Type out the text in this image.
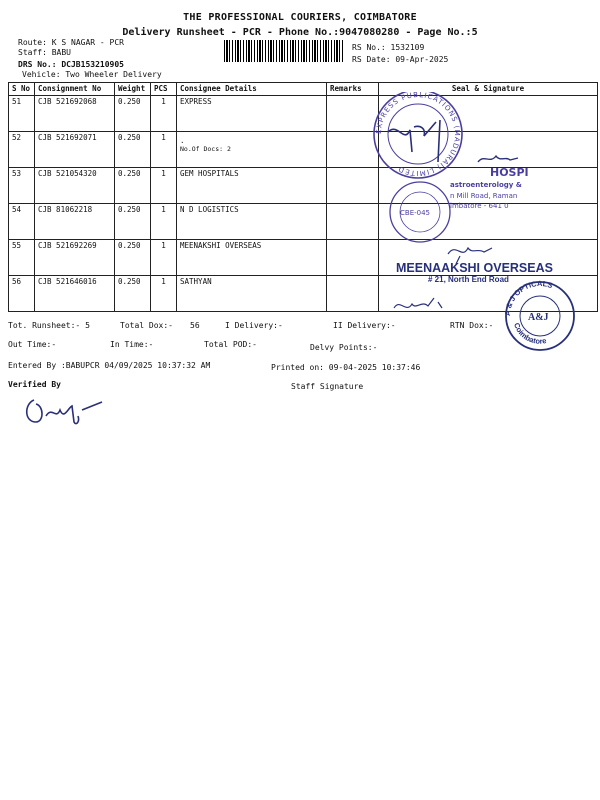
THE PROFESSIONAL COURIERS, COIMBATORE
Delivery Runsheet - PCR - Phone No.:9047080280 - Page No.:5
Route: K S NAGAR - PCR
Staff: BABU
DRS No.: DCJB153210905
Vehicle: Two Wheeler Delivery
RS No.: 1532109
RS Date: 09-Apr-2025
S No	Consignment No	Weight	PCS	Consignee Details	Remarks	Seal & Signature
51	CJB 521692068	0.250	1	EXPRESS		
52	CJB 521692071	0.250	1	.
No.Of Docs: 2		

53	CJB 521054320	0.250	1	GEM HOSPITALS		
54	CJB 81062218	0.250	1	N D LOGISTICS		
55	CJB 521692269	0.250	1	MEENAKSHI OVERSEAS		
56	CJB 521646016	0.250	1	SATHYAN		
EXPRESS PUBLICATIONS (MADURAI) LIMITED	HOSPI
astroenterology &
n Mill Road, Raman
imbatore - 641 0
CBE-045
MEENAAKSHI OVERSEAS
# 21, North End Road
A & J OPTICALS
Coimbatore
A&J
Tot. Runsheet:- 5	Total Dox:- 56	I Delivery:-	II Delivery:-	RTN Dox:-
Out Time:-	In Time:-	Total POD:-	Delvy Points:-
Entered By :BABUPCR 04/09/2025 10:37:32 AM	Printed on: 09-04-2025 10:37:46
Verified By	Staff Signature
